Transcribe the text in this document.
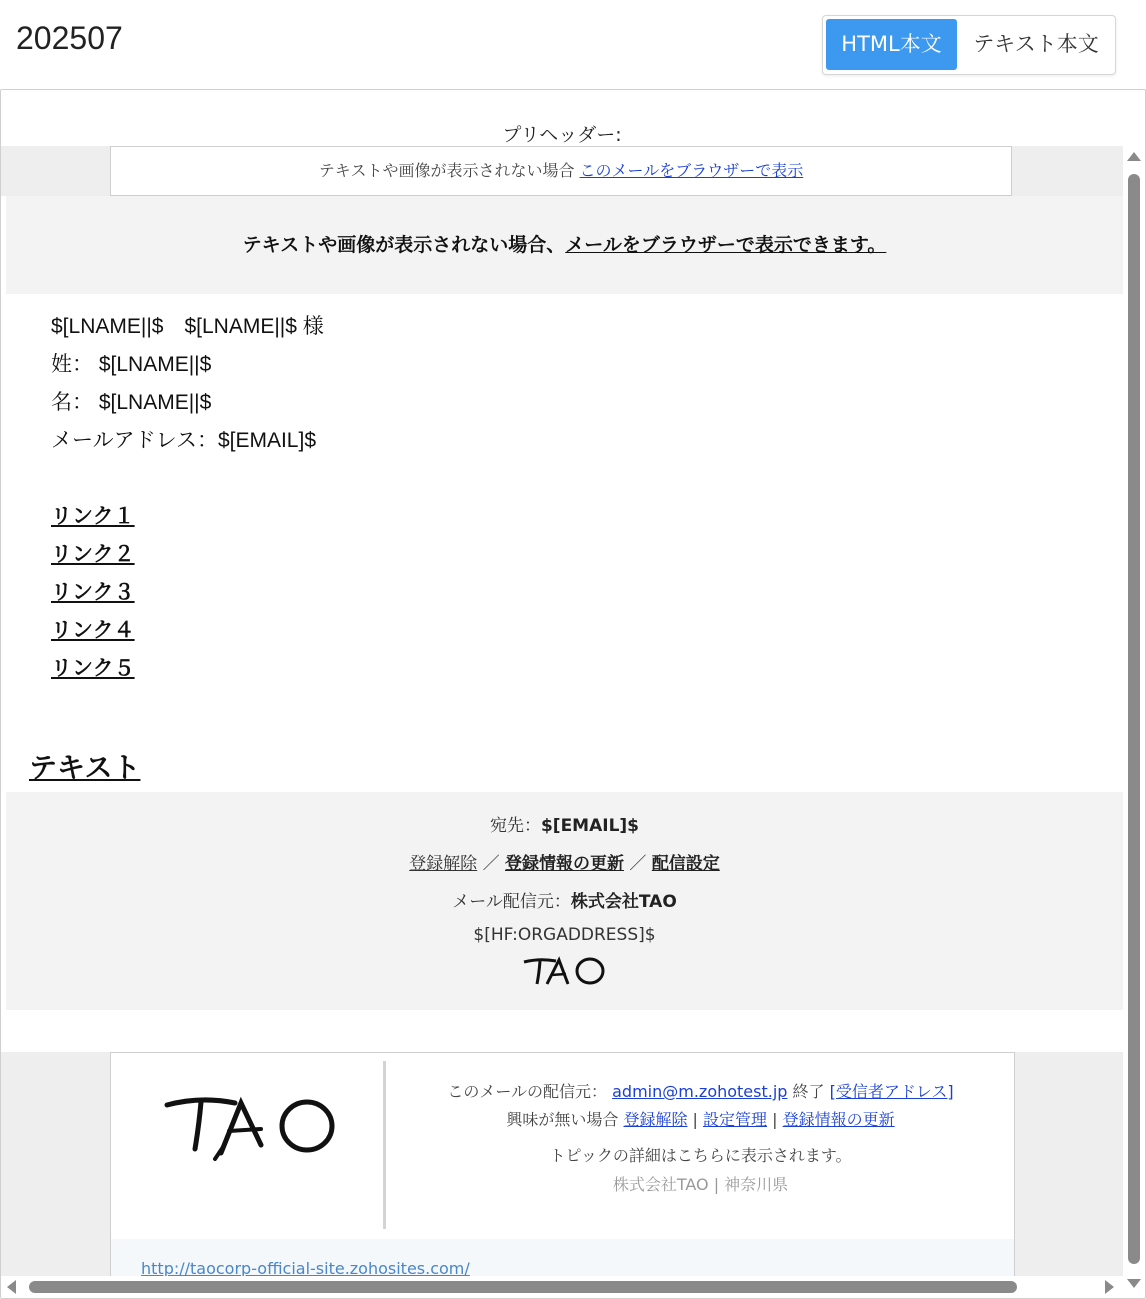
202507	HTML本文	テキスト本文
プリヘッダー:
テキストや画像が表示されない場合 このメールをブラウザーで表示
テキストや画像が表示されない場合、メールをブラウザーで表示できます。
$[LNAME||$　$[LNAME||$ 様
姓： $[LNAME||$
名： $[LNAME||$
メールアドレス：$[EMAIL]$
リンク１
リンク２
リンク３
リンク４
リンク５
テキスト
宛先：$[EMAIL]$
登録解除 ／ 登録情報の更新 ／ 配信設定
メール配信元：株式会社TAO
$[HF:ORGADDRESS]$
このメールの配信元： admin@m.zohotest.jp 終了 [受信者アドレス]
興味が無い場合 登録解除 | 設定管理 | 登録情報の更新
トピックの詳細はこちらに表示されます。
株式会社TAO | 神奈川県
http://taocorp-official-site.zohosites.com/
